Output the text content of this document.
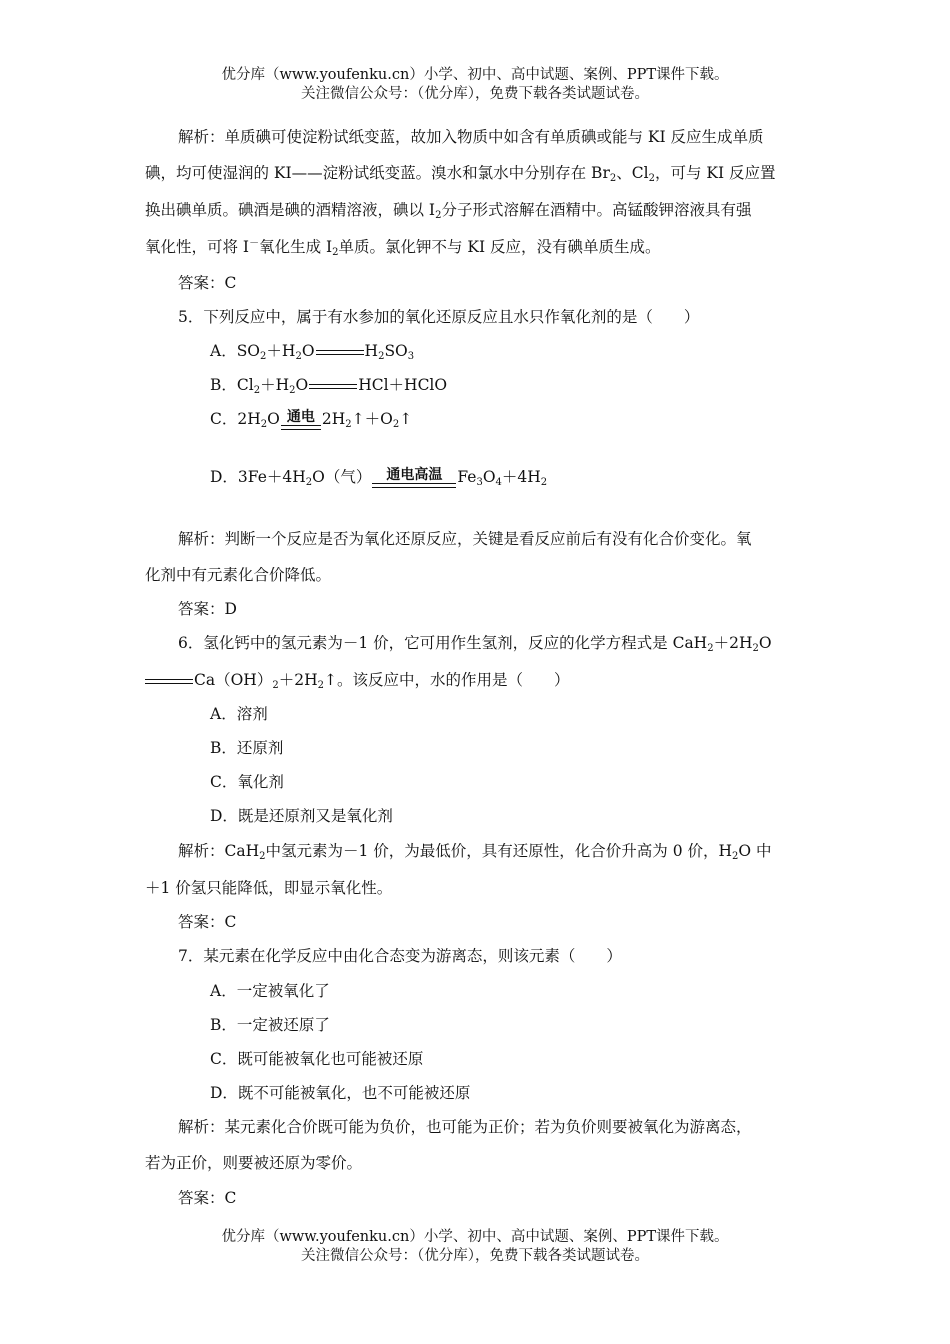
优分库（www.youfenku.cn）小学、初中、高中试题、案例、PPT课件下载。
关注微信公众号：（优分库），免费下载各类试题试卷。
解析：单质碘可使淀粉试纸变蓝，故加入物质中如含有单质碘或能与 KI 反应生成单质
碘，均可使湿润的 KI——淀粉试纸变蓝。溴水和氯水中分别存在 $Br_2$、$Cl_2$，可与 KI 反应置
换出碘单质。碘酒是碘的酒精溶液，碘以 $I_2$分子形式溶解在酒精中。高锰酸钾溶液具有强
氧化性，可将 I－氧化生成 $I_2$单质。氯化钾不与 KI 反应，没有碘单质生成。
答案：C
5．下列反应中，属于有水参加的氧化还原反应且水只作氧化剂的是（　　）
A．$SO_2+H_2O$	$H_2SO_3$
B．$Cl_2+H_2O$	HCl＋HClO
C．$2H_2O$ 通电 $2H_2↑+O_2↑$
D．$3Fe+4H_2O$（气）	通电高温 $Fe_3O_4+4H_2$
解析：判断一个反应是否为氧化还原反应，关键是看反应前后有没有化合价变化。氧
化剂中有元素化合价降低。
答案：D
6．氢化钙中的氢元素为－1 价，它可用作生氢剂，反应的化学方程式是 $CaH_2+2H_2O$
$Ca(OH)_2+2H_2↑$。该反应中，水的作用是（　　）
A．溶剂
B．还原剂
C．氧化剂
D．既是还原剂又是氧化剂
解析：CaH$_2$中氢元素为－1 价，为最低价，具有还原性，化合价升高为 0 价，$H_2O$ 中
＋1 价氢只能降低，即显示氧化性。
答案：C
7．某元素在化学反应中由化合态变为游离态，则该元素（　　）
A．一定被氧化了
B．一定被还原了
C．既可能被氧化也可能被还原
D．既不可能被氧化，也不可能被还原
解析：某元素化合价既可能为负价，也可能为正价；若为负价则要被氧化为游离态，
若为正价，则要被还原为零价。
答案：C
优分库（www.youfenku.cn）小学、初中、高中试题、案例、PPT课件下载。
关注微信公众号：（优分库），免费下载各类试题试卷。
